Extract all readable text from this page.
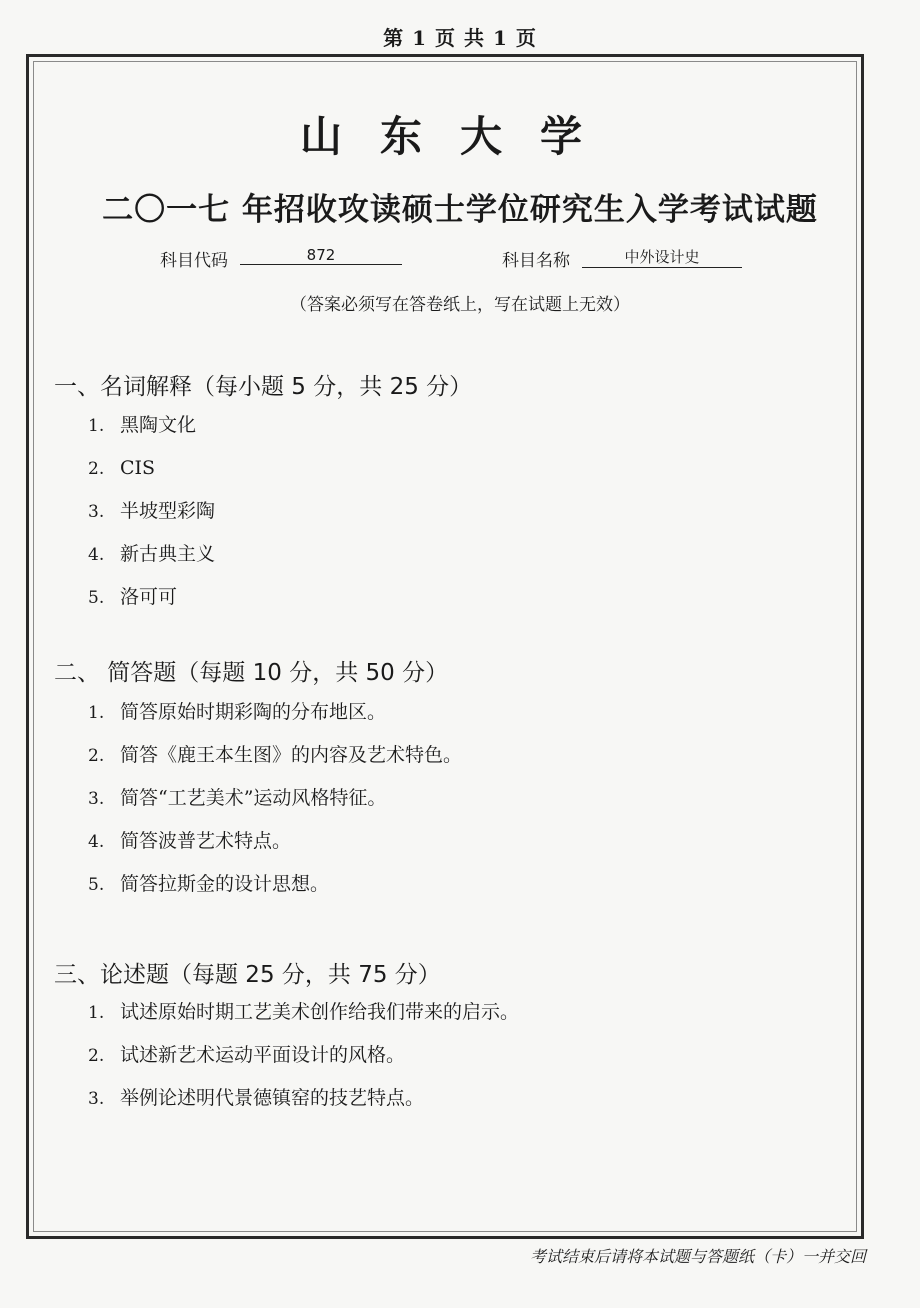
第 1 页 共 1 页
山东大学
二〇一七 年招收攻读硕士学位研究生入学考试试题
科目代码	872	科目名称	中外设计史
（答案必须写在答卷纸上，写在试题上无效）
一、名词解释（每小题 5 分，共 25 分）
1. 黑陶文化
2. CIS
3. 半坡型彩陶
4. 新古典主义
5. 洛可可
二、 简答题（每题 10 分，共 50 分）
1. 简答原始时期彩陶的分布地区。
2. 简答《鹿王本生图》的内容及艺术特色。
3. 简答“工艺美术”运动风格特征。
4. 简答波普艺术特点。
5. 简答拉斯金的设计思想。
三、论述题（每题 25 分，共 75 分）
1. 试述原始时期工艺美术创作给我们带来的启示。
2. 试述新艺术运动平面设计的风格。
3. 举例论述明代景德镇窑的技艺特点。
考试结束后请将本试题与答题纸（卡）一并交回
